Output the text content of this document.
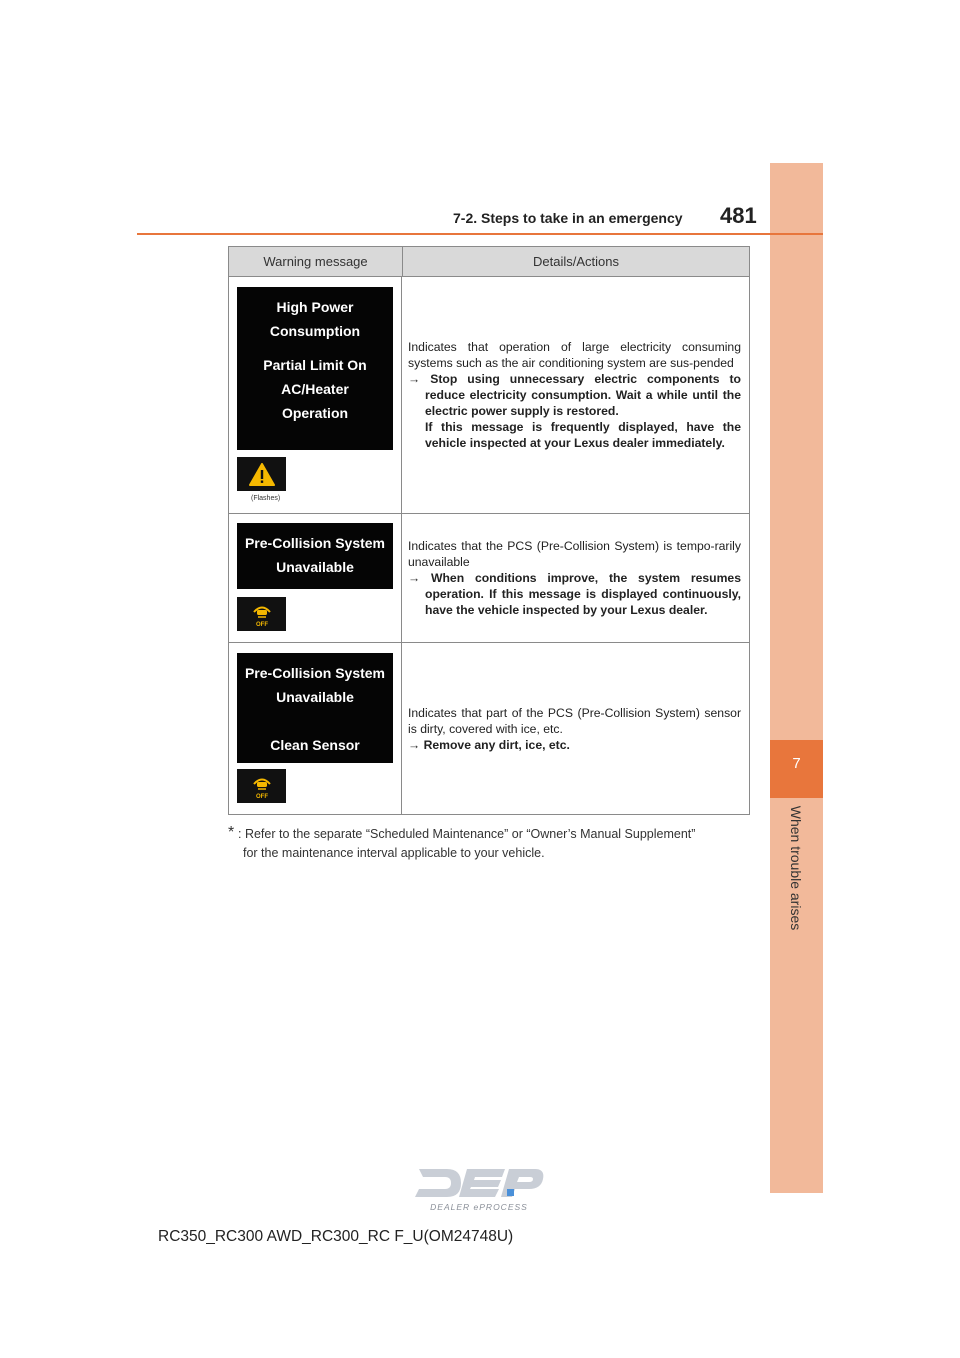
7
When trouble arises
7-2. Steps to take in an emergency 481
Warning message	Details/Actions
High Power
Consumption
Partial Limit On
AC/Heater
Operation
(Flashes)
Indicates that operation of large electricity consuming systems such as the air conditioning system are sus-pended
→ Stop using unnecessary electric components to reduce electricity consumption. Wait a while until the electric power supply is restored.
If this message is frequently displayed, have the vehicle inspected at your Lexus dealer immediately.
Pre-Collision System
Unavailable
OFF
Indicates that the PCS (Pre-Collision System) is tempo-rarily unavailable
→ When conditions improve, the system resumes operation. If this message is displayed continuously, have the vehicle inspected by your Lexus dealer.
Pre-Collision System
Unavailable
Clean Sensor
OFF
Indicates that part of the PCS (Pre-Collision System) sensor is dirty, covered with ice, etc.
→ Remove any dirt, ice, etc.
* : Refer to the separate “Scheduled Maintenance” or “Owner’s Manual Supplement”
for the maintenance interval applicable to your vehicle.
DEALER ePROCESS
RC350_RC300 AWD_RC300_RC F_U(OM24748U)
